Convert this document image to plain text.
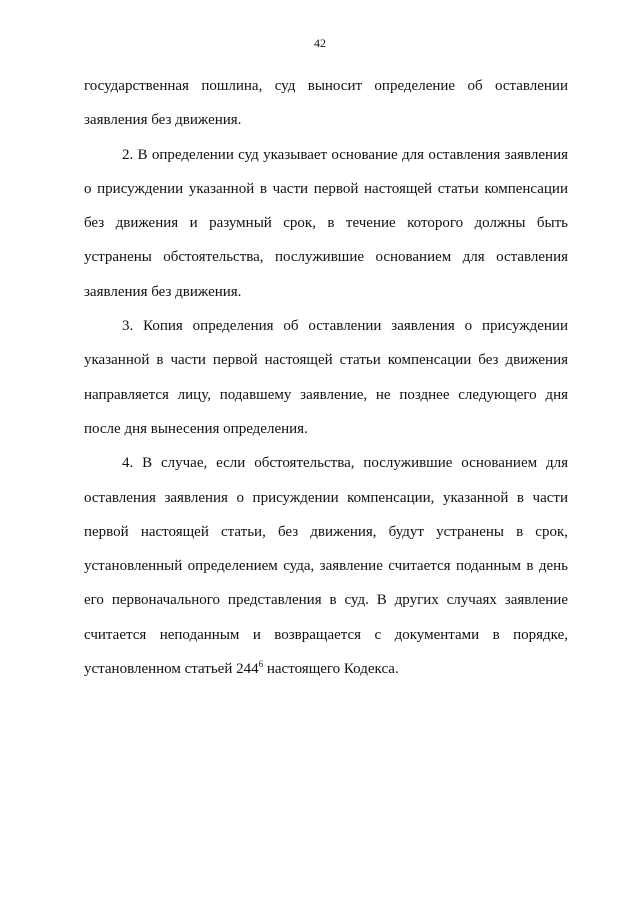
42

государственная пошлина, суд выносит определение об оставлении заявления без движения.

2. В определении суд указывает основание для оставления заявления о присуждении указанной в части первой настоящей статьи компенсации без движения и разумный срок, в течение которого должны быть устранены обстоятельства, послужившие основанием для оставления заявления без движения.

3. Копия определения об оставлении заявления о присуждении указанной в части первой настоящей статьи компенсации без движения направляется лицу, подавшему заявление, не позднее следующего дня после дня вынесения определения.

4. В случае, если обстоятельства, послужившие основанием для оставления заявления о присуждении компенсации, указанной в части первой настоящей статьи, без движения, будут устранены в срок, установленный определением суда, заявление считается поданным в день его первоначального представления в суд. В других случаях заявление считается неподанным и возвращается с документами в порядке, установленном статьей $244^6$ настоящего Кодекса.
